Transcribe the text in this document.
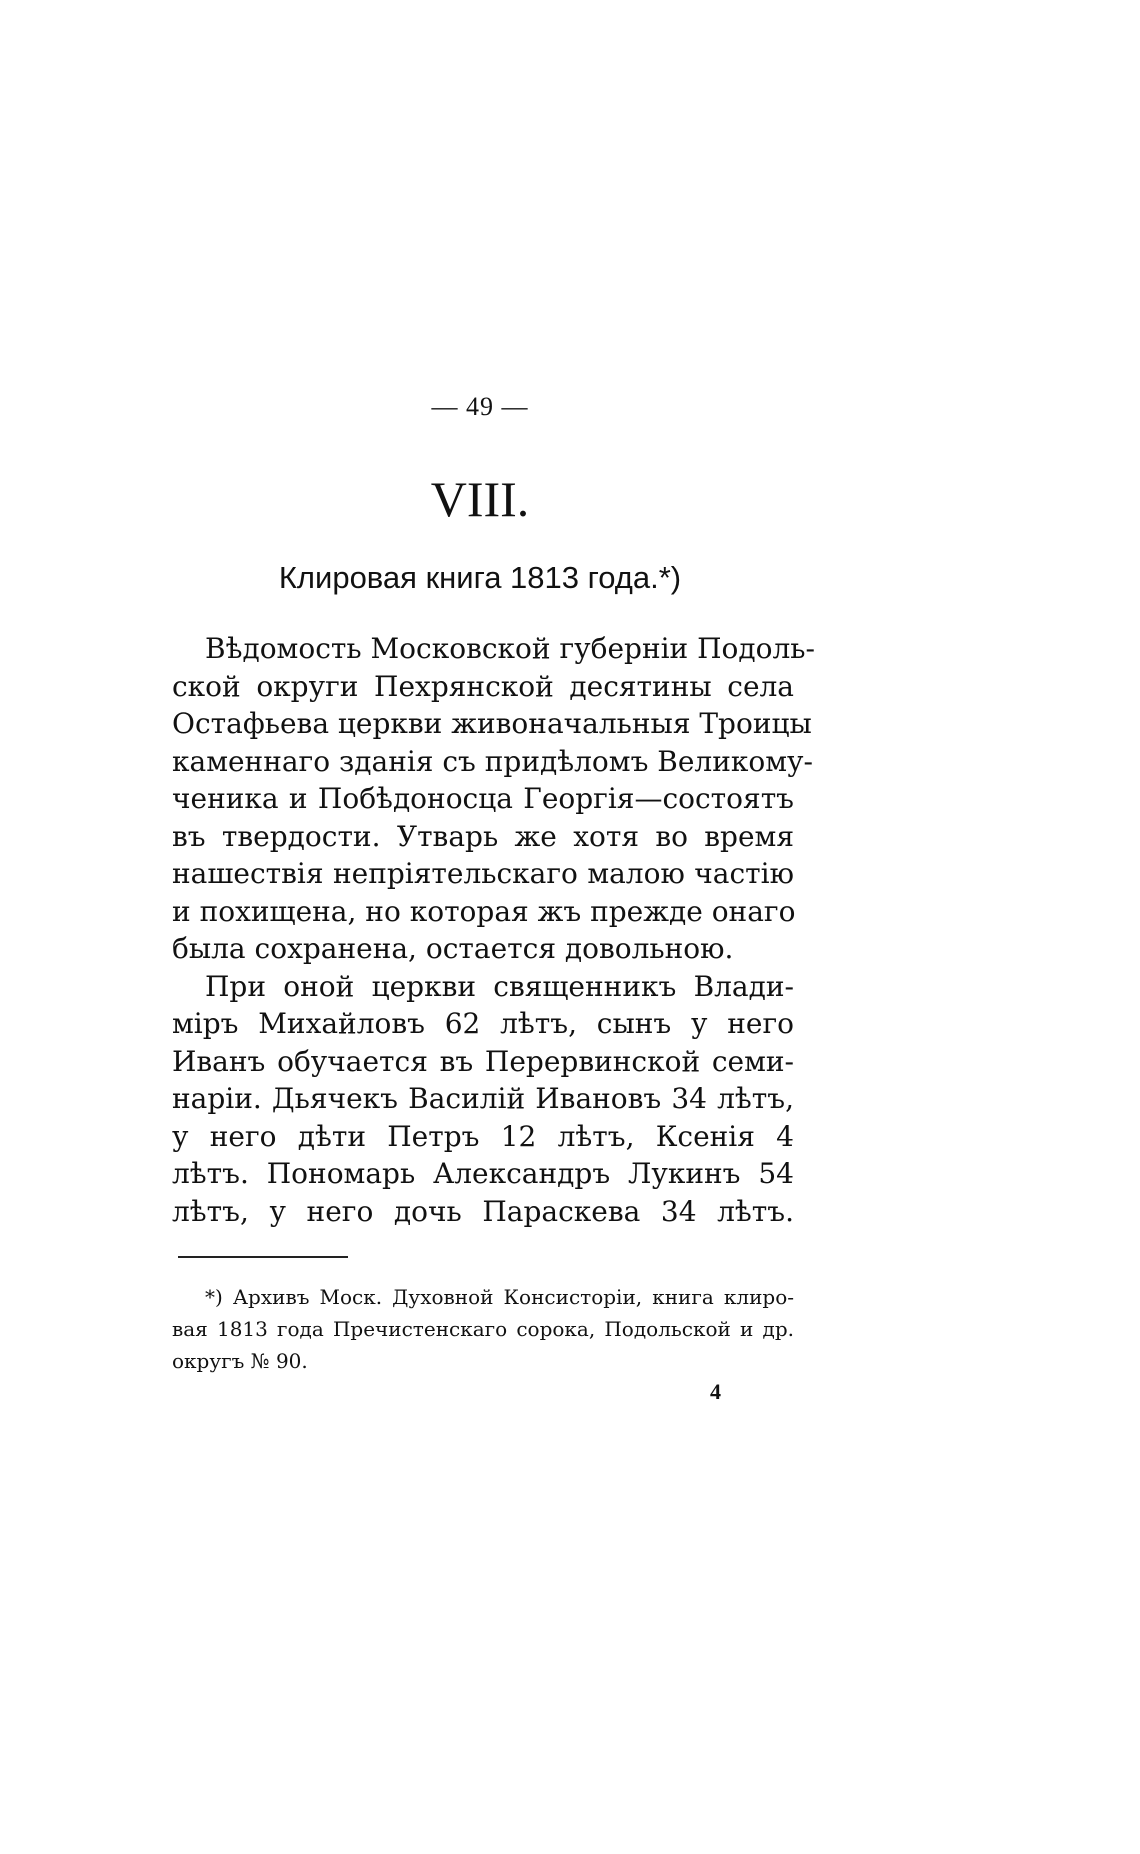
— 49 —
VIII.
Клировая книга 1813 года.*)
Вѣдомость Московской губерніи Подоль-
ской округи Пехрянской десятины села
Остафьева церкви живоначальныя Троицы
каменнаго зданія съ придѣломъ Великому-
ченика и Побѣдоносца Георгія—состоятъ
въ твердости. Утварь же хотя во время
нашествія непріятельскаго малою частію
и похищена, но которая жъ прежде онаго
была сохранена, остается довольною.
При оной церкви священникъ Влади-
міръ Михайловъ 62 лѣтъ, сынъ у него
Иванъ обучается въ Перервинской семи-
наріи. Дьячекъ Василій Ивановъ 34 лѣтъ,
у него дѣти Петръ 12 лѣтъ, Ксенія 4
лѣтъ. Пономарь Александръ Лукинъ 54
лѣтъ, у него дочь Параскева 34 лѣтъ.
*) Архивъ Моск. Духовной Консисторіи, книга клиро-
вая 1813 года Пречистенскаго сорока, Подольской и др.
округъ № 90.
4
